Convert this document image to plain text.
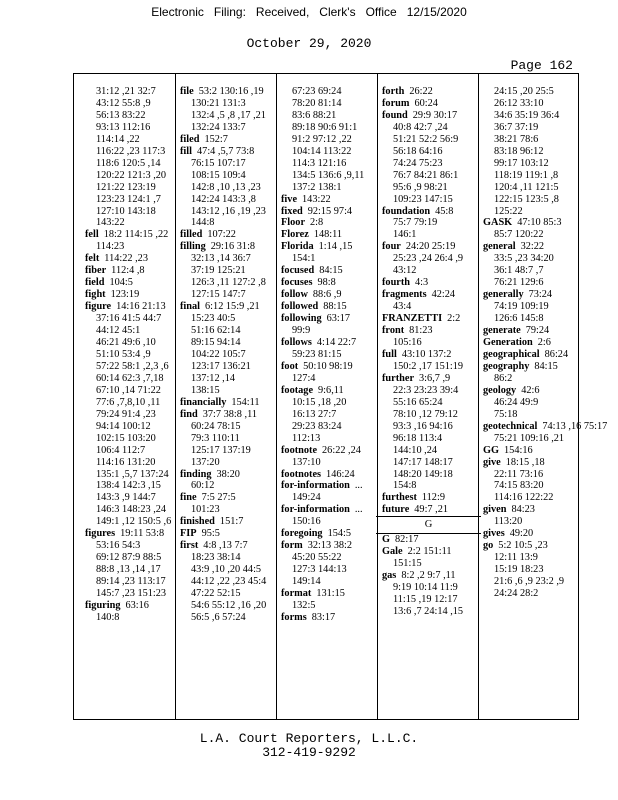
Electronic Filing: Received, Clerk's Office 12/15/2020
October 29, 2020
Page 162
31:12 ,21 32:7
43:12 55:8 ,9
56:13 83:22
93:13 112:16
114:14 ,22
116:22 ,23 117:3
118:6 120:5 ,14
120:22 121:3 ,20
121:22 123:19
123:23 124:1 ,7
127:10 143:18
143:22
fell 18:2 114:15 ,22
114:23
felt 114:22 ,23
fiber 112:4 ,8
field 104:5
fight 123:19
figure 14:16 21:13
37:16 41:5 44:7
44:12 45:1
46:21 49:6 ,10
51:10 53:4 ,9
57:22 58:1 ,2,3 ,6
60:14 62:3 ,7,18
67:10 ,14 71:22
77:6 ,7,8,10 ,11
79:24 91:4 ,23
94:14 100:12
102:15 103:20
106:4 112:7
114:16 131:20
135:1 ,5,7 137:24
138:4 142:3 ,15
143:3 ,9 144:7
146:3 148:23 ,24
149:1 ,12 150:5 ,6
figures 19:11 53:8
53:16 54:3
69:12 87:9 88:5
88:8 ,13 ,14 ,17
89:14 ,23 113:17
145:7 ,23 151:23
figuring 63:16
140:8
file 53:2 130:16 ,19
130:21 131:3
132:4 ,5 ,8 ,17 ,21
132:24 133:7
filed 152:7
fill 47:4 ,5,7 73:8
76:15 107:17
108:15 109:4
142:8 ,10 ,13 ,23
142:24 143:3 ,8
143:12 ,16 ,19 ,23
144:8
filled 107:22
filling 29:16 31:8
32:13 ,14 36:7
37:19 125:21
126:3 ,11 127:2 ,8
127:15 147:7
final 6:12 15:9 ,21
15:23 40:5
51:16 62:14
89:15 94:14
104:22 105:7
123:17 136:21
137:12 ,14
138:15
financially 154:11
find 37:7 38:8 ,11
60:24 78:15
79:3 110:11
125:17 137:19
137:20
finding 38:20
60:12
fine 7:5 27:5
101:23
finished 151:7
FIP 95:5
first 4:8 ,13 7:7
18:23 38:14
43:9 ,10 ,20 44:5
44:12 ,22 ,23 45:4
47:22 52:15
54:6 55:12 ,16 ,20
56:5 ,6 57:24
67:23 69:24
78:20 81:14
83:6 88:21
89:18 90:6 91:1
91:2 97:12 ,22
104:14 113:22
114:3 121:16
134:5 136:6 ,9,11
137:2 138:1
five 143:22
fixed 92:15 97:4
Floor 2:8
Florez 148:11
Florida 1:14 ,15
154:1
focused 84:15
focuses 98:8
follow 88:6 ,9
followed 88:15
following 63:17
99:9
follows 4:14 22:7
59:23 81:15
foot 50:10 98:19
127:4
footage 9:6,11
10:15 ,18 ,20
16:13 27:7
29:23 83:24
112:13
footnote 26:22 ,24
137:10
footnotes 146:24
for-information ...
149:24
for-information ...
150:16
foregoing 154:5
form 32:13 38:2
45:20 55:22
127:3 144:13
149:14
format 131:15
132:5
forms 83:17
forth 26:22
forum 60:24
found 29:9 30:17
40:8 42:7 ,24
51:21 52:2 56:9
56:18 64:16
74:24 75:23
76:7 84:21 86:1
95:6 ,9 98:21
109:23 147:15
foundation 45:8
75:7 79:19
146:1
four 24:20 25:19
25:23 ,24 26:4 ,9
43:12
fourth 4:3
fragments 42:24
43:4
FRANZETTI 2:2
front 81:23
105:16
full 43:10 137:2
150:2 ,17 151:19
further 3:6,7 ,9
22:3 23:23 39:4
55:16 65:24
78:10 ,12 79:12
93:3 ,16 94:16
96:18 113:4
144:10 ,24
147:17 148:17
148:20 149:18
154:8
furthest 112:9
future 49:7 ,21
G
G 82:17
Gale 2:2 151:11
151:15
gas 8:2 ,2 9:7 ,11
9:19 10:14 11:9
11:15 ,19 12:17
13:6 ,7 24:14 ,15
24:15 ,20 25:5
26:12 33:10
34:6 35:19 36:4
36:7 37:19
38:21 78:6
83:18 96:12
99:17 103:12
118:19 119:1 ,8
120:4 ,11 121:5
122:15 123:5 ,8
125:22
GASK 47:10 85:3
85:7 120:22
general 32:22
33:5 ,23 34:20
36:1 48:7 ,7
76:21 129:6
generally 73:24
74:19 109:19
126:6 145:8
generate 79:24
Generation 2:6
geographical 86:24
geography 84:15
86:2
geology 42:6
46:24 49:9
75:18
geotechnical 74:13 ,16 75:17
75:21 109:16 ,21
GG 154:16
give 18:15 ,18
22:11 73:16
74:15 83:20
114:16 122:22
given 84:23
113:20
gives 49:20
go 5:2 10:5 ,23
12:11 13:9
15:19 18:23
21:6 ,6 ,9 23:2 ,9
24:24 28:2
L.A. Court Reporters, L.L.C.
312-419-9292
